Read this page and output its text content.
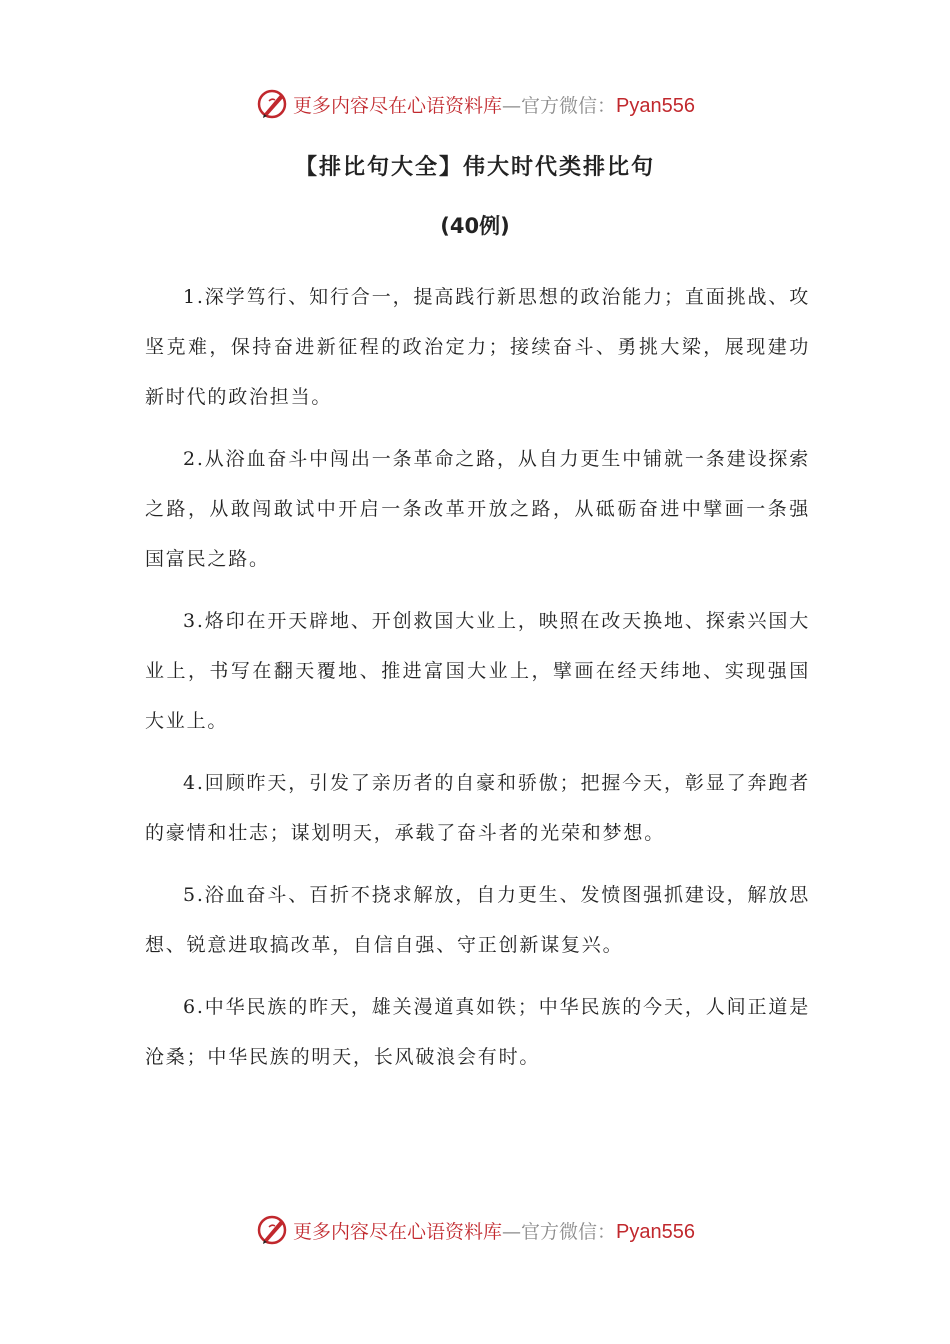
更多内容尽在心语资料库—官方微信：Pyan556
【排比句大全】伟大时代类排比句
(40例)

1.深学笃行、知行合一，提高践行新思想的政治能力；直面挑战、攻坚克难，保持奋进新征程的政治定力；接续奋斗、勇挑大梁，展现建功新时代的政治担当。

2.从浴血奋斗中闯出一条革命之路，从自力更生中铺就一条建设探索之路，从敢闯敢试中开启一条改革开放之路，从砥砺奋进中擘画一条强国富民之路。

3.烙印在开天辟地、开创救国大业上，映照在改天换地、探索兴国大业上，书写在翻天覆地、推进富国大业上，擘画在经天纬地、实现强国大业上。

4.回顾昨天，引发了亲历者的自豪和骄傲；把握今天，彰显了奔跑者的豪情和壮志；谋划明天，承载了奋斗者的光荣和梦想。

5.浴血奋斗、百折不挠求解放，自力更生、发愤图强抓建设，解放思想、锐意进取搞改革，自信自强、守正创新谋复兴。

6.中华民族的昨天，雄关漫道真如铁；中华民族的今天，人间正道是沧桑；中华民族的明天，长风破浪会有时。

更多内容尽在心语资料库—官方微信：Pyan556
